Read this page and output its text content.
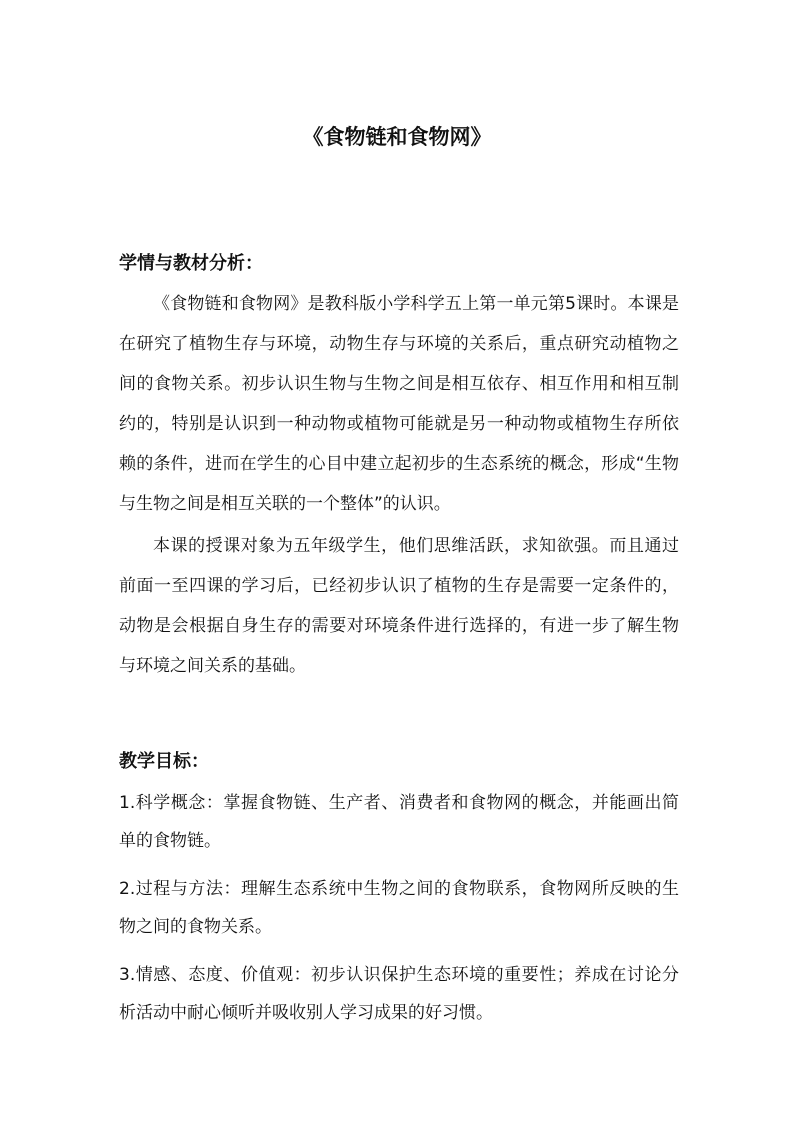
《食物链和食物网》
学情与教材分析：
《食物链和食物网》是教科版小学科学五上第一单元第5课时。本课是在研究了植物生存与环境，动物生存与环境的关系后，重点研究动植物之间的食物关系。初步认识生物与生物之间是相互依存、相互作用和相互制约的，特别是认识到一种动物或植物可能就是另一种动物或植物生存所依赖的条件，进而在学生的心目中建立起初步的生态系统的概念，形成“生物与生物之间是相互关联的一个整体”的认识。
本课的授课对象为五年级学生，他们思维活跃，求知欲强。而且通过前面一至四课的学习后，已经初步认识了植物的生存是需要一定条件的，动物是会根据自身生存的需要对环境条件进行选择的，有进一步了解生物与环境之间关系的基础。
教学目标：
1.科学概念：掌握食物链、生产者、消费者和食物网的概念，并能画出简单的食物链。
2.过程与方法：理解生态系统中生物之间的食物联系，食物网所反映的生物之间的食物关系。
3.情感、态度、价值观：初步认识保护生态环境的重要性；养成在讨论分析活动中耐心倾听并吸收别人学习成果的好习惯。
